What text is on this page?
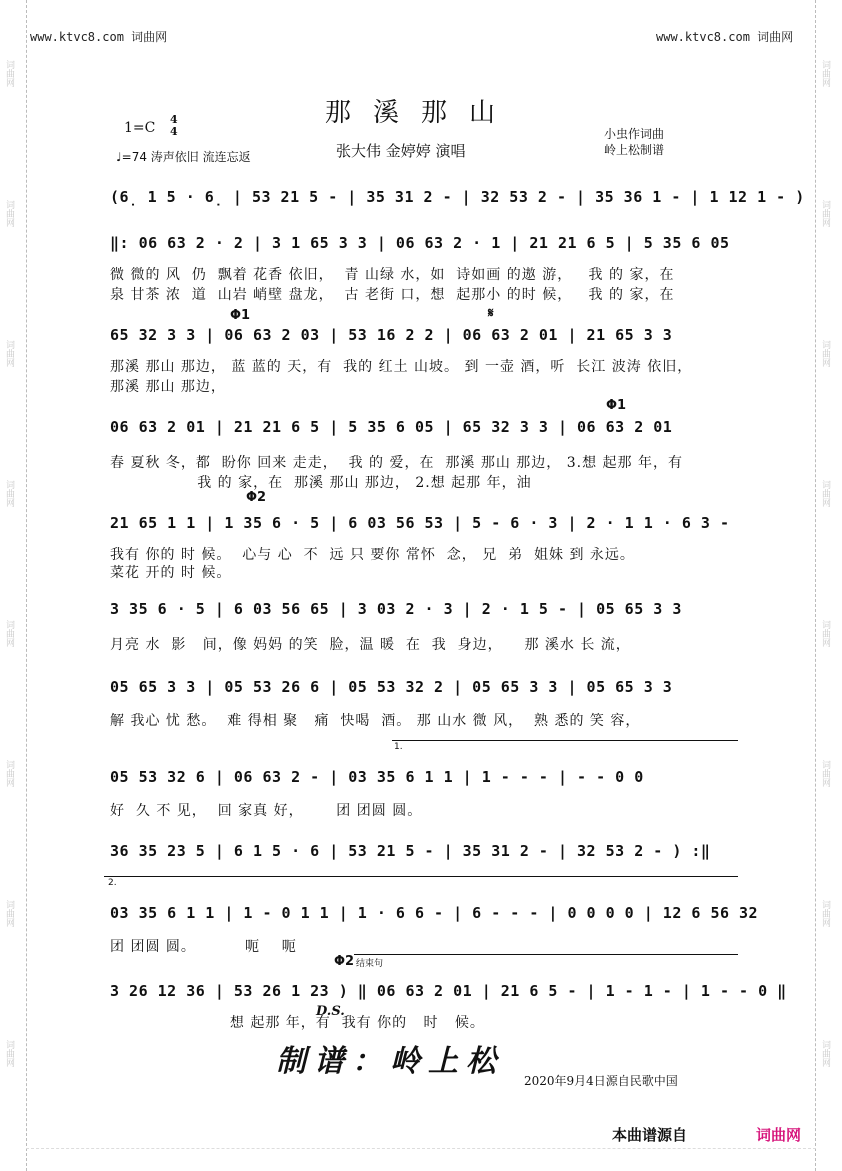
词曲网
词曲网
词曲网
词曲网
词曲网
词曲网
词曲网
词曲网
词曲网
词曲网
词曲网
词曲网
词曲网
词曲网
词曲网
词曲网
www.ktvc8.com 词曲网	www.ktvc8.com 词曲网
那溪那山
1=C
4
4
♩=74 涛声依旧 流连忘返	张大伟 金婷婷 演唱
小虫作词曲
岭上松制谱
(6̣ 1 5 · 6̣ | 53 21 5 - | 35 31 2 - | 32 53 2 - | 35 36 1 - | 1 12 1 - )
‖: 06 63 2 · 2 | 3 1 65 3 3 | 06 63 2 · 1 | 21 21 6 5 | 5 35 6 05
微 微的 风  仍  飘着 花香 依旧，  青 山绿 水，如  诗如画 的遨 游，   我 的 家，在
泉 甘茶 浓  道  山岩 峭壁 盘龙，  古 老街 口，想  起那小 的时 候，   我 的 家，在
Φ1	𝄋
65 32 3 3 | 06 63 2 03 | 53 16 2 2 | 06 63 2 01 | 21 65 3 3
那溪 那山 那边， 蓝 蓝的 天，有  我的 红土 山坡。 到 一壶 酒，听  长江 波涛 依旧，
那溪 那山 那边，
Φ1
06 63 2 01 | 21 21 6 5 | 5 35 6 05 | 65 32 3 3 | 06 63 2 01
春 夏秋 冬，都  盼你 回来 走走，  我 的 爱，在  那溪 那山 那边， 3.想 起那 年，有
我 的 家，在  那溪 那山 那边， 2.想 起那 年，油
Φ2
21 65 1 1 | 1 35 6 · 5 | 6 03 56 53 | 5 - 6 · 3 | 2 · 1 1 · 6 3 -
我有 你的 时 候。  心与 心  不  远 只 要你 常怀  念， 兄  弟  姐妹 到 永远。
菜花 开的 时 候。
3 35 6 · 5 | 6 03 56 65 | 3 03 2 · 3 | 2 · 1 5 - | 05 65 3 3
月亮 水  影   间，像 妈妈 的笑  脸，温 暖  在  我  身边，    那 溪水 长 流，
05 65 3 3 | 05 53 26 6 | 05 53 32 2 | 05 65 3 3 | 05 65 3 3
解 我心 忧 愁。  难 得相 聚   痛  快喝  酒。 那 山水 微 风，  熟 悉的 笑 容，
1.
05 53 32 6 | 06 63 2 - | 03 35 6 1 1 | 1 - - - | - - 0 0
好  久 不 见，  回 家真 好，      团 团圆 圆。
36 35 23 5 | 6 1 5 · 6 | 53 21 5 - | 35 31 2 - | 32 53 2 - ) :‖
2.
03 35 6 1 1 | 1 - 0 1 1 | 1 · 6 6 - | 6 - - - | 0 0 0 0 | 12 6 56 32
团 团圆 圆。         呃    呃
Φ2 结束句
3 26 12 36 | 53 26 1 23 ) ‖ 06 63 2 01 | 21 6 5 - | 1 - 1 - | 1 - - 0 ‖
D.S.
想 起那 年，有  我有 你的   时   候。
制谱：岭上松
2020年9月4日源自民歌中国
本曲谱源自	词曲网
